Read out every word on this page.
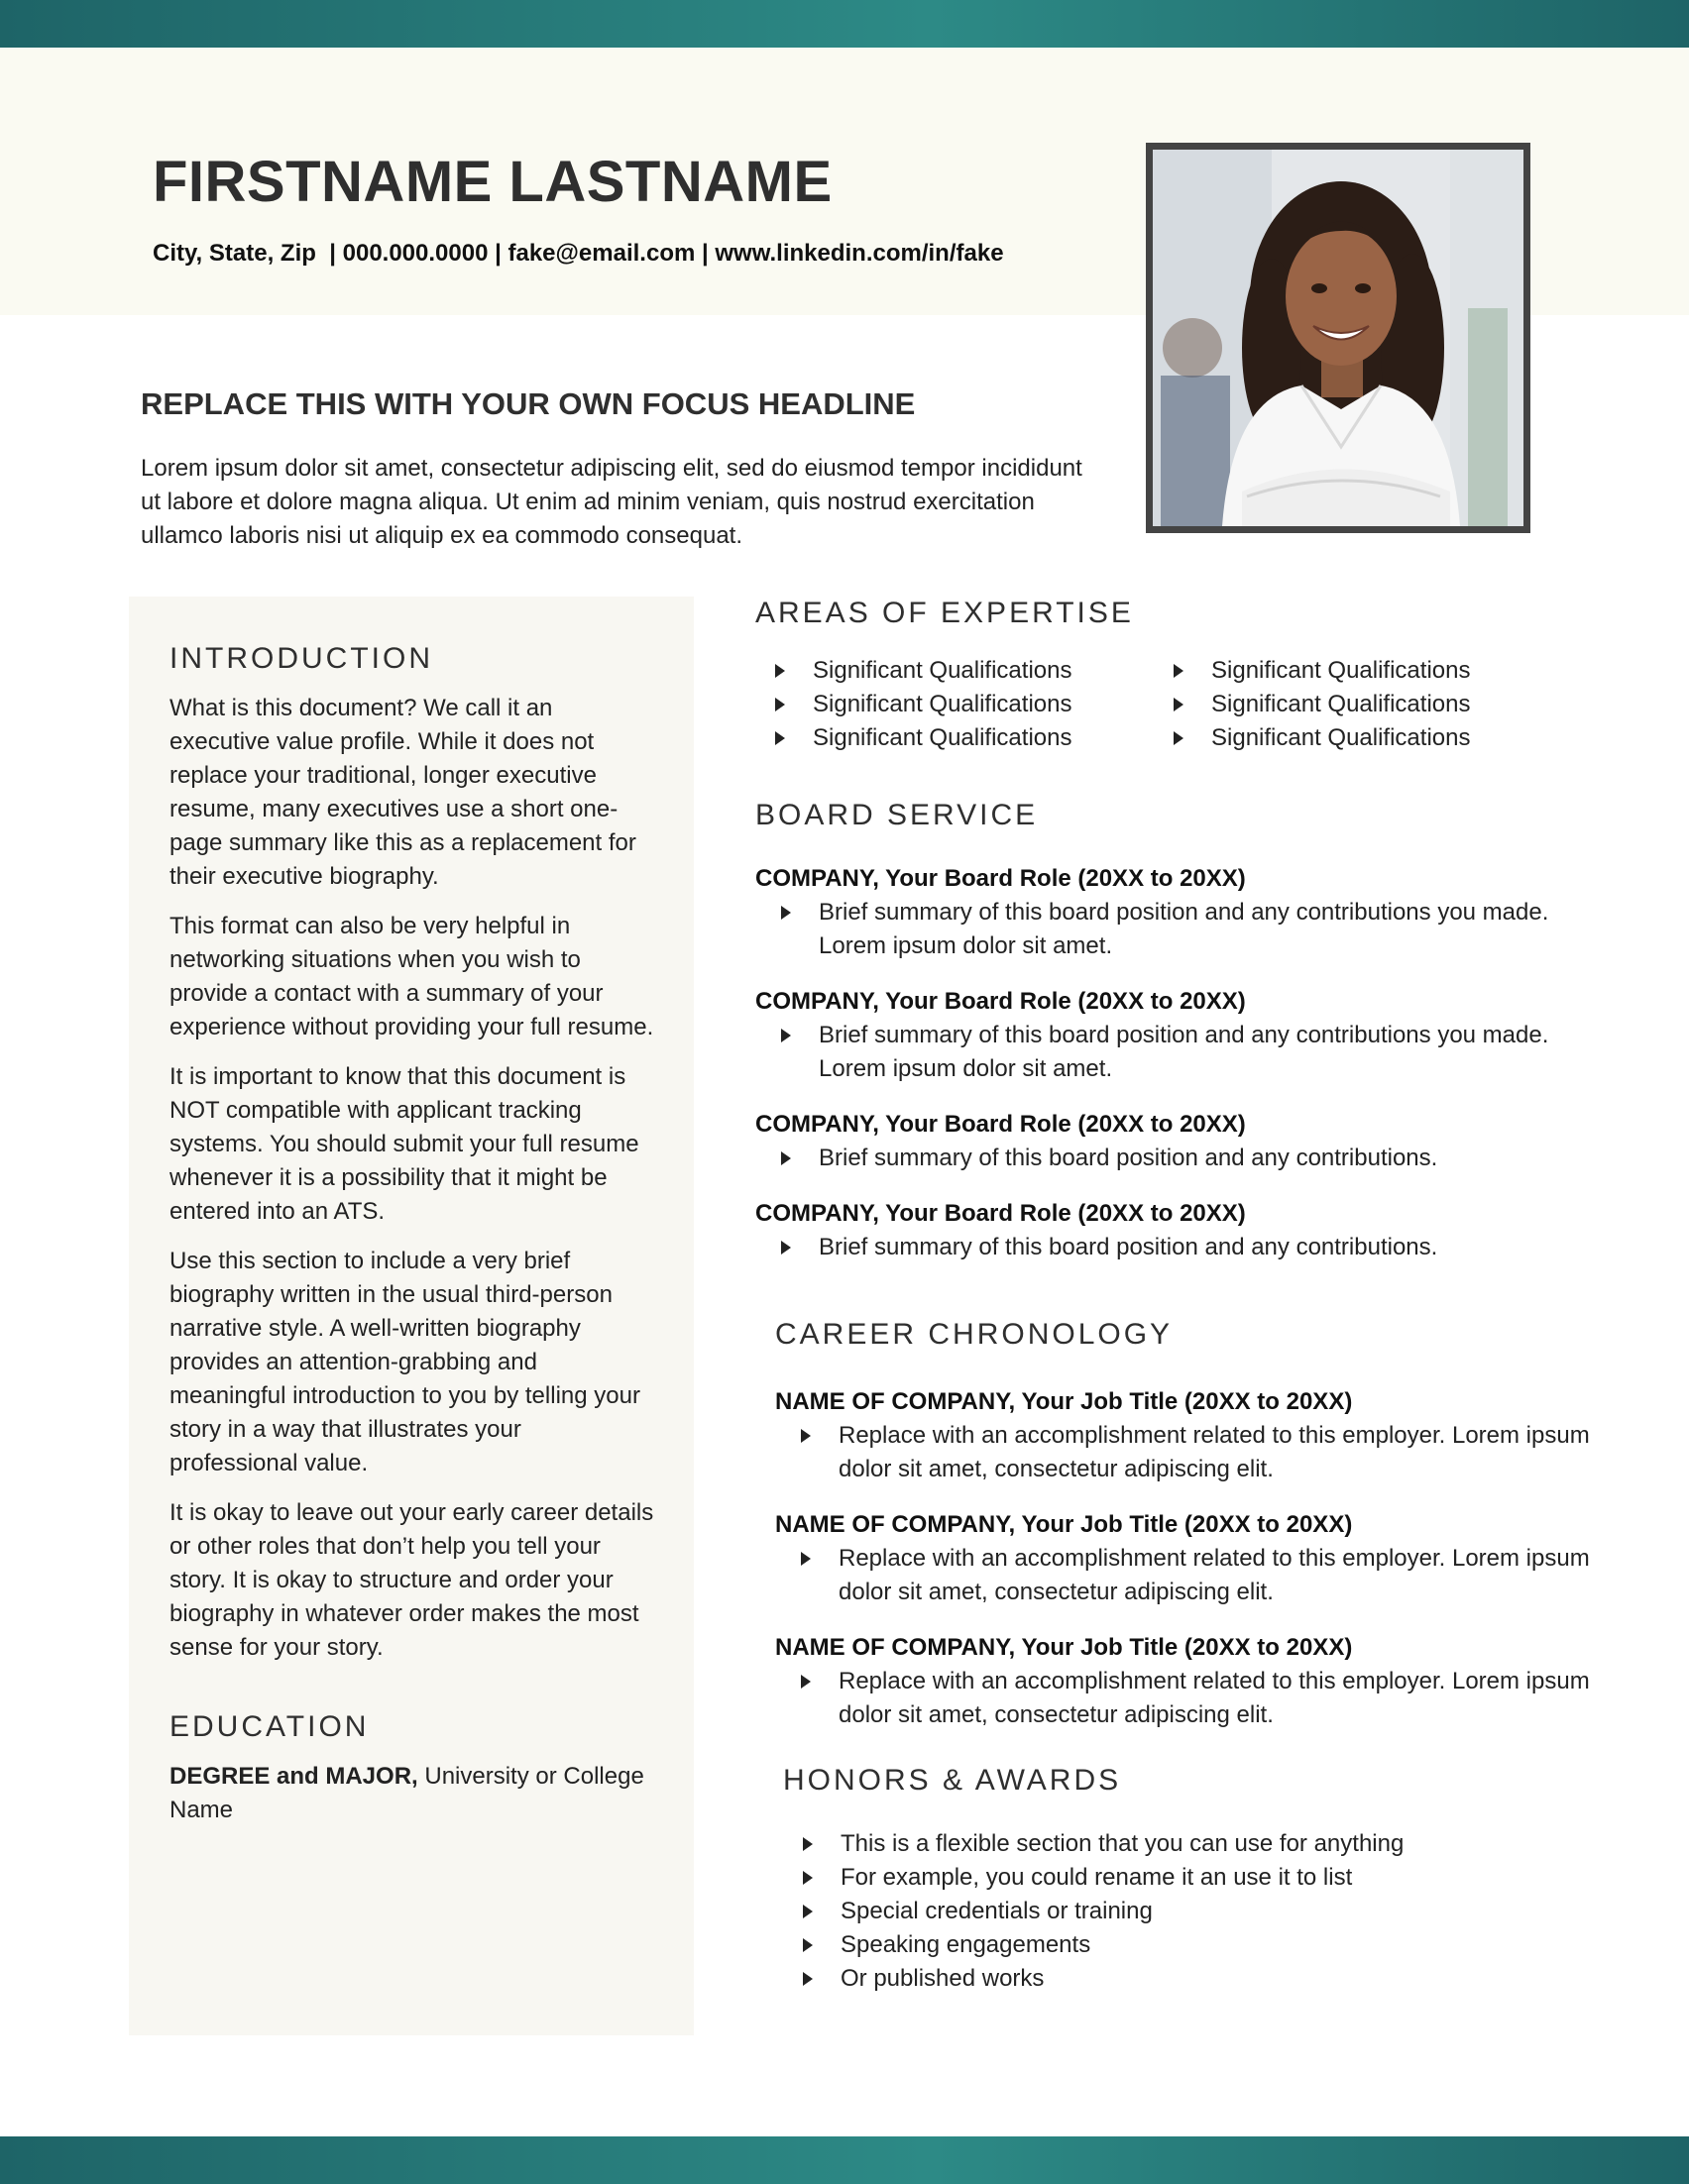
FIRSTNAME LASTNAME
City, State, Zip  | 000.000.0000 | fake@email.com | www.linkedin.com/in/fake
REPLACE THIS WITH YOUR OWN FOCUS HEADLINE

Lorem ipsum dolor sit amet, consectetur adipiscing elit, sed do eiusmod tempor incididunt ut labore et dolore magna aliqua. Ut enim ad minim veniam, quis nostrud exercitation ullamco laboris nisi ut aliquip ex ea commodo consequat.

INTRODUCTION

What is this document? We call it an executive value profile. While it does not replace your traditional, longer executive resume, many executives use a short one-page summary like this as a replacement for their executive biography.

This format can also be very helpful in networking situations when you wish to provide a contact with a summary of your experience without providing your full resume.

It is important to know that this document is NOT compatible with applicant tracking systems. You should submit your full resume whenever it is a possibility that it might be entered into an ATS.

Use this section to include a very brief biography written in the usual third-person narrative style. A well-written biography provides an attention-grabbing and meaningful introduction to you by telling your story in a way that illustrates your professional value.

It is okay to leave out your early career details or other roles that don’t help you tell your story. It is okay to structure and order your biography in whatever order makes the most sense for your story.

EDUCATION

DEGREE and MAJOR, University or College Name

AREAS OF EXPERTISE
Significant Qualifications
Significant Qualifications
Significant Qualifications
Significant Qualifications
Significant Qualifications
Significant Qualifications
BOARD SERVICE
COMPANY, Your Board Role (20XX to 20XX)
Brief summary of this board position and any contributions you made. Lorem ipsum dolor sit amet.
COMPANY, Your Board Role (20XX to 20XX)
Brief summary of this board position and any contributions you made. Lorem ipsum dolor sit amet.
COMPANY, Your Board Role (20XX to 20XX)
Brief summary of this board position and any contributions.
COMPANY, Your Board Role (20XX to 20XX)
Brief summary of this board position and any contributions.
CAREER CHRONOLOGY
NAME OF COMPANY, Your Job Title (20XX to 20XX)
Replace with an accomplishment related to this employer. Lorem ipsum dolor sit amet, consectetur adipiscing elit.
NAME OF COMPANY, Your Job Title (20XX to 20XX)
Replace with an accomplishment related to this employer. Lorem ipsum dolor sit amet, consectetur adipiscing elit.
NAME OF COMPANY, Your Job Title (20XX to 20XX)
Replace with an accomplishment related to this employer. Lorem ipsum dolor sit amet, consectetur adipiscing elit.
HONORS & AWARDS
This is a flexible section that you can use for anything
For example, you could rename it an use it to list
Special credentials or training
Speaking engagements
Or published works
